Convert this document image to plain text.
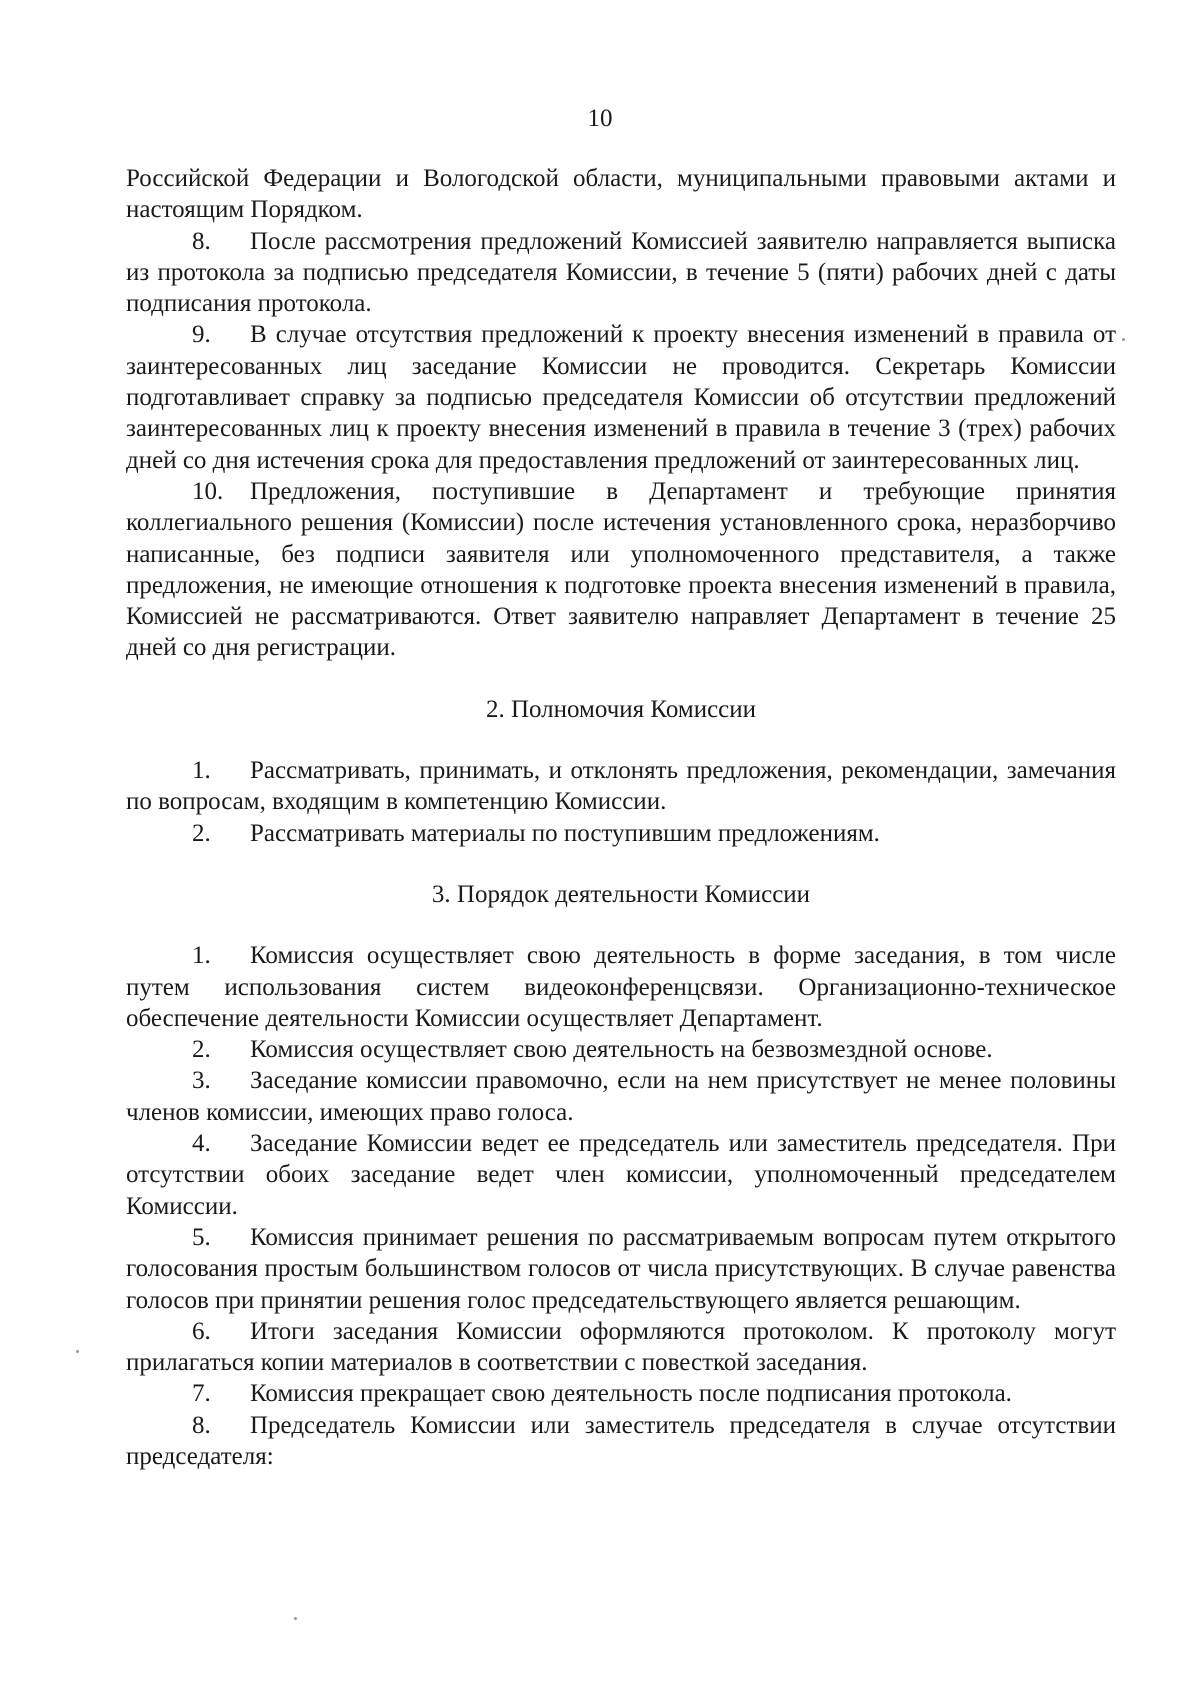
10

Российской Федерации и Вологодской области, муниципальными правовыми актами и настоящим Порядком.

8. После рассмотрения предложений Комиссией заявителю направляется выписка из протокола за подписью председателя Комиссии, в течение 5 (пяти) рабочих дней с даты подписания протокола.

9. В случае отсутствия предложений к проекту внесения изменений в правила от заинтересованных лиц заседание Комиссии не проводится. Секретарь Комиссии подготавливает справку за подписью председателя Комиссии об отсутствии предложений заинтересованных лиц к проекту внесения изменений в правила в течение 3 (трех) рабочих дней со дня истечения срока для предоставления предложений от заинтересованных лиц.

10. Предложения, поступившие в Департамент и требующие принятия коллегиального решения (Комиссии) после истечения установленного срока, неразборчиво написанные, без подписи заявителя или уполномоченного представителя, а также предложения, не имеющие отношения к подготовке проекта внесения изменений в правила, Комиссией не рассматриваются. Ответ заявителю направляет Департамент в течение 25 дней со дня регистрации.

2. Полномочия Комиссии

1. Рассматривать, принимать, и отклонять предложения, рекомендации, замечания по вопросам, входящим в компетенцию Комиссии.

2. Рассматривать материалы по поступившим предложениям.

3. Порядок деятельности Комиссии

1. Комиссия осуществляет свою деятельность в форме заседания, в том числе путем использования систем видеоконференцсвязи. Организационно-техническое обеспечение деятельности Комиссии осуществляет Департамент.

2. Комиссия осуществляет свою деятельность на безвозмездной основе.

3. Заседание комиссии правомочно, если на нем присутствует не менее половины членов комиссии, имеющих право голоса.

4. Заседание Комиссии ведет ее председатель или заместитель председателя. При отсутствии обоих заседание ведет член комиссии, уполномоченный председателем Комиссии.

5. Комиссия принимает решения по рассматриваемым вопросам путем открытого голосования простым большинством голосов от числа присутствующих. В случае равенства голосов при принятии решения голос председательствующего является решающим.

6. Итоги заседания Комиссии оформляются протоколом. К протоколу могут прилагаться копии материалов в соответствии с повесткой заседания.

7. Комиссия прекращает свою деятельность после подписания протокола.

8. Председатель Комиссии или заместитель председателя в случае отсутствии председателя:
